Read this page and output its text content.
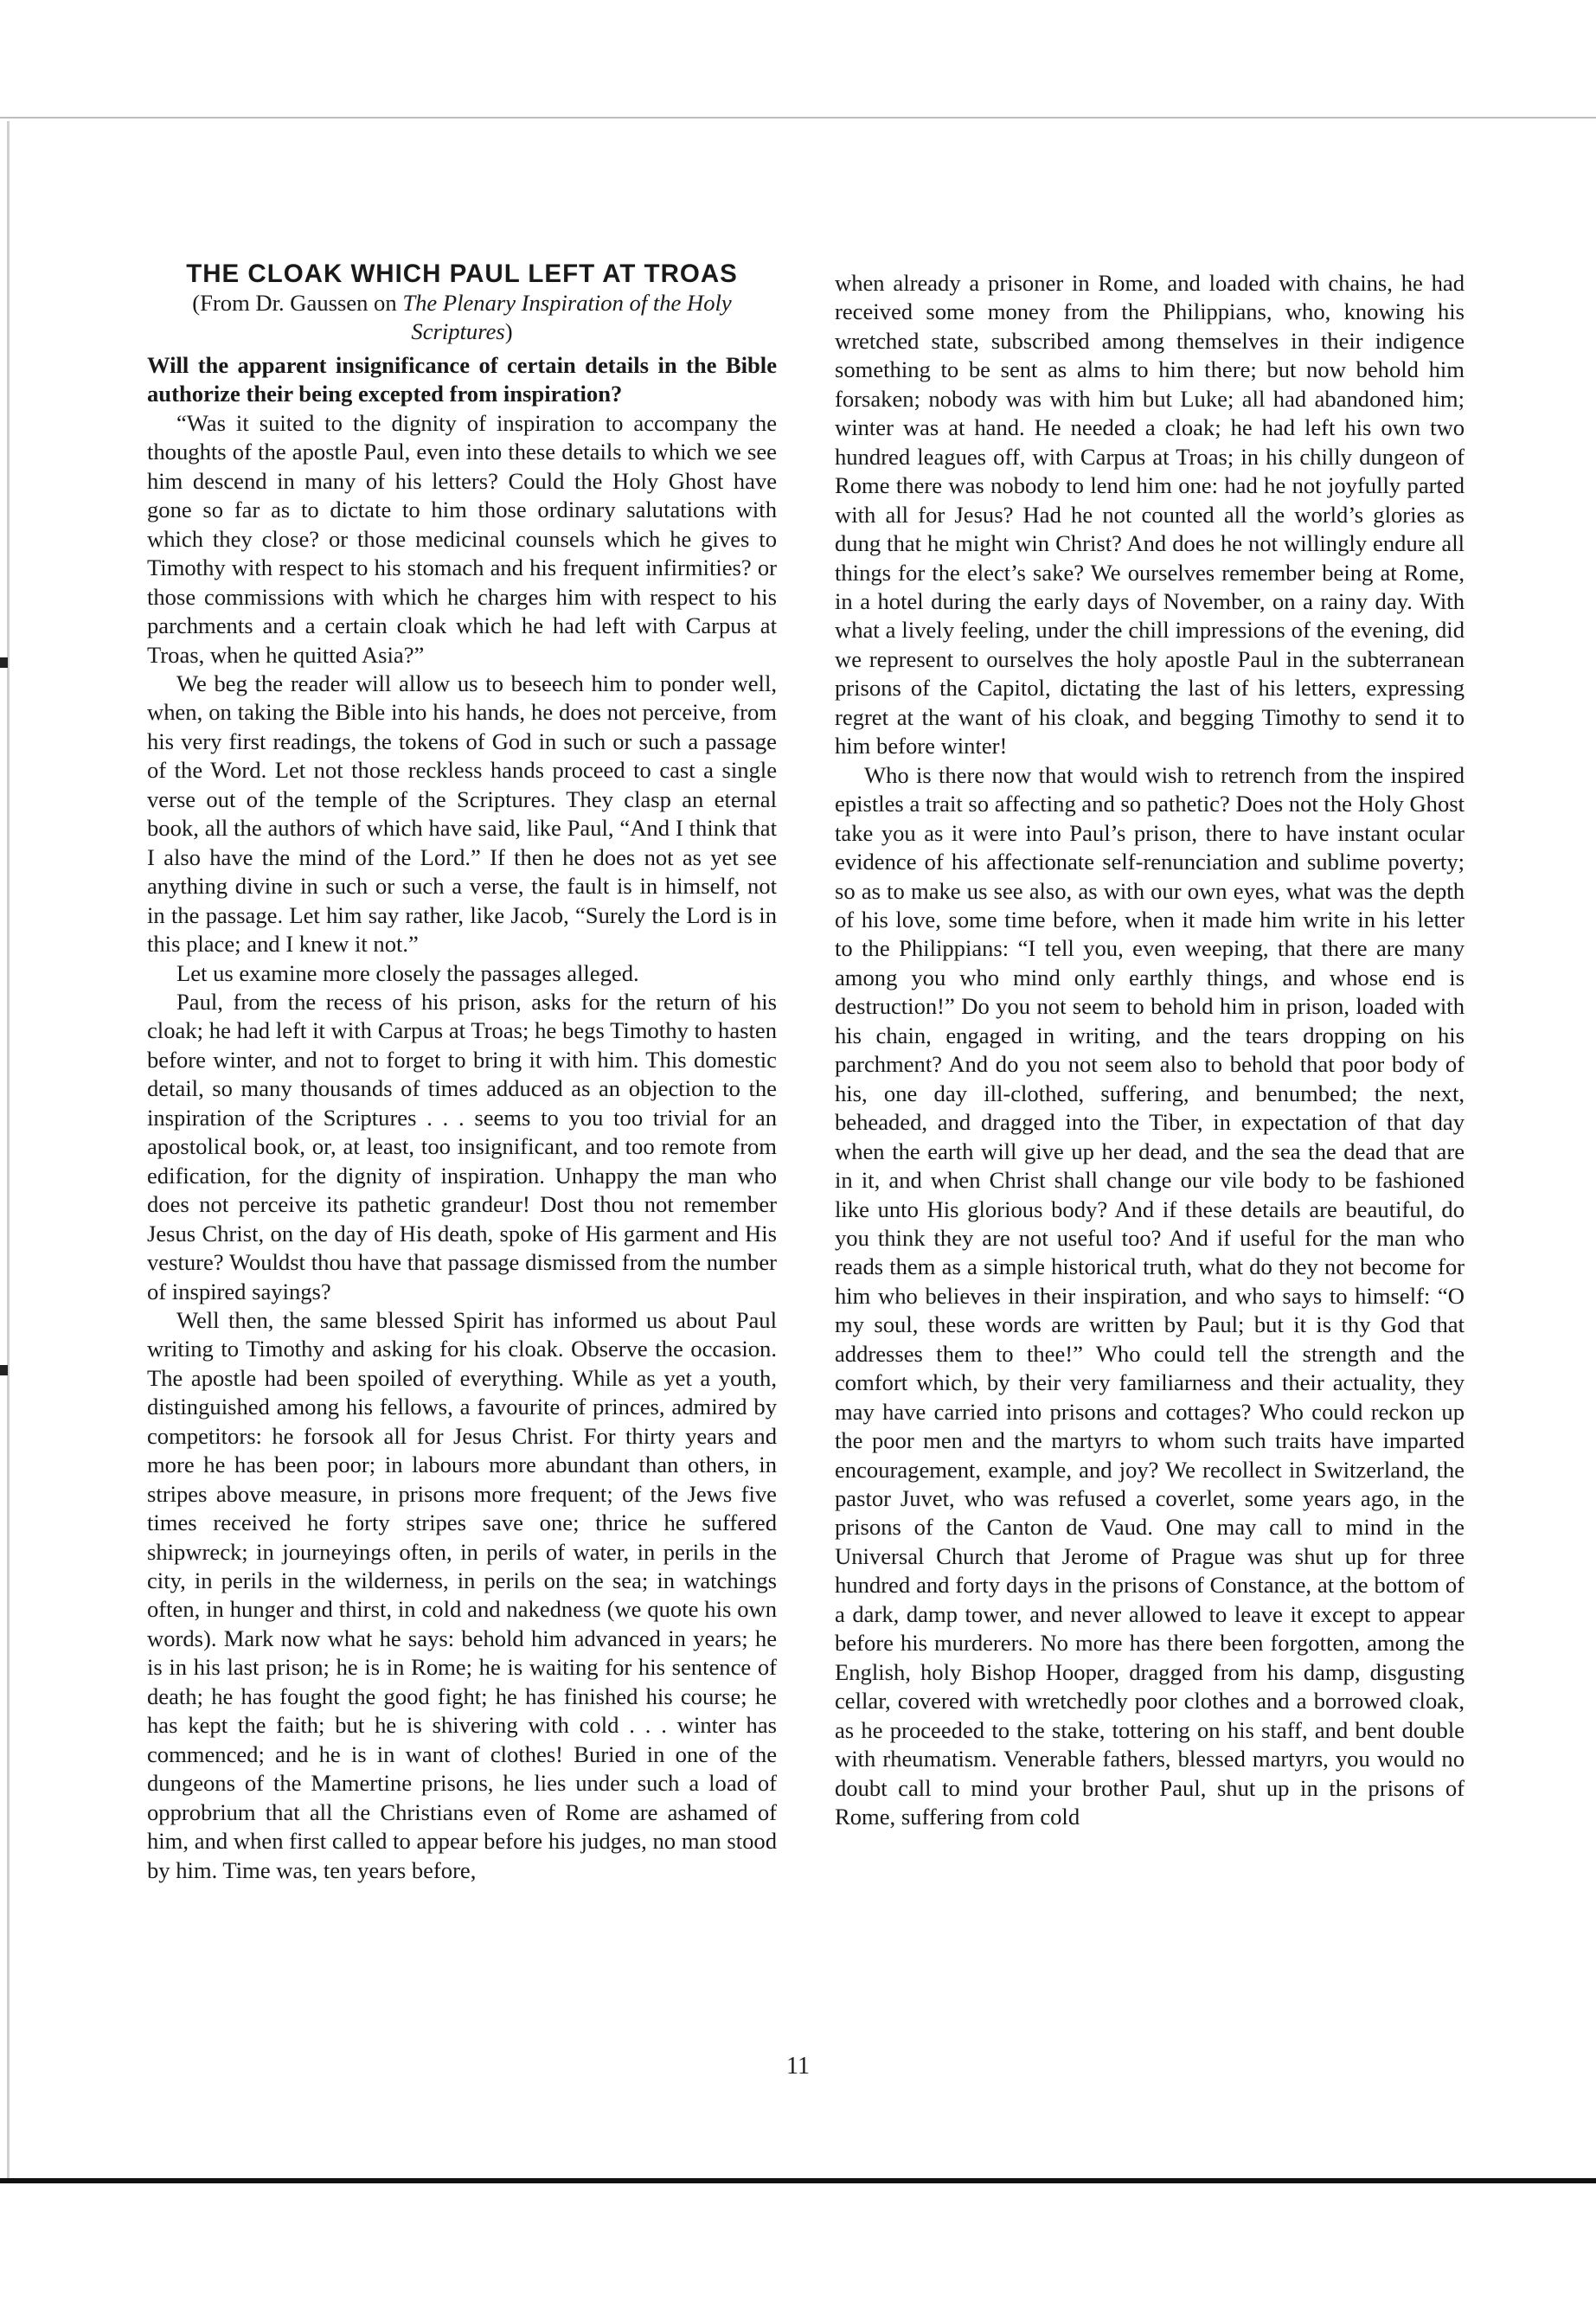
THE CLOAK WHICH PAUL LEFT AT TROAS
(From Dr. Gaussen on The Plenary Inspiration of the Holy Scriptures)

Will the apparent insignificance of certain details in the Bible authorize their being excepted from inspiration?

“Was it suited to the dignity of inspiration to accompany the thoughts of the apostle Paul, even into these details to which we see him descend in many of his letters? Could the Holy Ghost have gone so far as to dictate to him those ordinary salutations with which they close? or those medicinal counsels which he gives to Timothy with respect to his stomach and his frequent infirmities? or those commissions with which he charges him with respect to his parchments and a certain cloak which he had left with Carpus at Troas, when he quitted Asia?”

We beg the reader will allow us to beseech him to ponder well, when, on taking the Bible into his hands, he does not perceive, from his very first readings, the tokens of God in such or such a passage of the Word. Let not those reckless hands proceed to cast a single verse out of the temple of the Scriptures. They clasp an eternal book, all the authors of which have said, like Paul, “And I think that I also have the mind of the Lord.” If then he does not as yet see anything divine in such or such a verse, the fault is in himself, not in the passage. Let him say rather, like Jacob, “Surely the Lord is in this place; and I knew it not.”

Let us examine more closely the passages alleged.

Paul, from the recess of his prison, asks for the return of his cloak; he had left it with Carpus at Troas; he begs Timothy to hasten before winter, and not to forget to bring it with him. This domestic detail, so many thousands of times adduced as an objection to the inspiration of the Scriptures . . . seems to you too trivial for an apostolical book, or, at least, too insignificant, and too remote from edification, for the dignity of inspiration. Unhappy the man who does not perceive its pathetic grandeur! Dost thou not remember Jesus Christ, on the day of His death, spoke of His garment and His vesture? Wouldst thou have that passage dismissed from the number of inspired sayings?

Well then, the same blessed Spirit has informed us about Paul writing to Timothy and asking for his cloak. Observe the occasion. The apostle had been spoiled of everything. While as yet a youth, distinguished among his fellows, a favourite of princes, admired by competitors: he forsook all for Jesus Christ. For thirty years and more he has been poor; in labours more abundant than others, in stripes above measure, in prisons more frequent; of the Jews five times received he forty stripes save one; thrice he suffered shipwreck; in journeyings often, in perils of water, in perils in the city, in perils in the wilderness, in perils on the sea; in watchings often, in hunger and thirst, in cold and nakedness (we quote his own words). Mark now what he says: behold him advanced in years; he is in his last prison; he is in Rome; he is waiting for his sentence of death; he has fought the good fight; he has finished his course; he has kept the faith; but he is shivering with cold . . . winter has commenced; and he is in want of clothes! Buried in one of the dungeons of the Mamertine prisons, he lies under such a load of opprobrium that all the Christians even of Rome are ashamed of him, and when first called to appear before his judges, no man stood by him. Time was, ten years before,

when already a prisoner in Rome, and loaded with chains, he had received some money from the Philippians, who, knowing his wretched state, subscribed among themselves in their indigence something to be sent as alms to him there; but now behold him forsaken; nobody was with him but Luke; all had abandoned him; winter was at hand. He needed a cloak; he had left his own two hundred leagues off, with Carpus at Troas; in his chilly dungeon of Rome there was nobody to lend him one: had he not joyfully parted with all for Jesus? Had he not counted all the world’s glories as dung that he might win Christ? And does he not willingly endure all things for the elect’s sake? We ourselves remember being at Rome, in a hotel during the early days of November, on a rainy day. With what a lively feeling, under the chill impressions of the evening, did we represent to ourselves the holy apostle Paul in the subterranean prisons of the Capitol, dictating the last of his letters, expressing regret at the want of his cloak, and begging Timothy to send it to him before winter!

Who is there now that would wish to retrench from the inspired epistles a trait so affecting and so pathetic? Does not the Holy Ghost take you as it were into Paul’s prison, there to have instant ocular evidence of his affectionate self-renunciation and sublime poverty; so as to make us see also, as with our own eyes, what was the depth of his love, some time before, when it made him write in his letter to the Philippians: “I tell you, even weeping, that there are many among you who mind only earthly things, and whose end is destruction!” Do you not seem to behold him in prison, loaded with his chain, engaged in writing, and the tears dropping on his parchment? And do you not seem also to behold that poor body of his, one day ill-clothed, suffering, and benumbed; the next, beheaded, and dragged into the Tiber, in expectation of that day when the earth will give up her dead, and the sea the dead that are in it, and when Christ shall change our vile body to be fashioned like unto His glorious body? And if these details are beautiful, do you think they are not useful too? And if useful for the man who reads them as a simple historical truth, what do they not become for him who believes in their inspiration, and who says to himself: “O my soul, these words are written by Paul; but it is thy God that addresses them to thee!” Who could tell the strength and the comfort which, by their very familiarness and their actuality, they may have carried into prisons and cottages? Who could reckon up the poor men and the martyrs to whom such traits have imparted encouragement, example, and joy? We recollect in Switzerland, the pastor Juvet, who was refused a coverlet, some years ago, in the prisons of the Canton de Vaud. One may call to mind in the Universal Church that Jerome of Prague was shut up for three hundred and forty days in the prisons of Constance, at the bottom of a dark, damp tower, and never allowed to leave it except to appear before his murderers. No more has there been forgotten, among the English, holy Bishop Hooper, dragged from his damp, disgusting cellar, covered with wretchedly poor clothes and a borrowed cloak, as he proceeded to the stake, tottering on his staff, and bent double with rheumatism. Venerable fathers, blessed martyrs, you would no doubt call to mind your brother Paul, shut up in the prisons of Rome, suffering from cold

11
